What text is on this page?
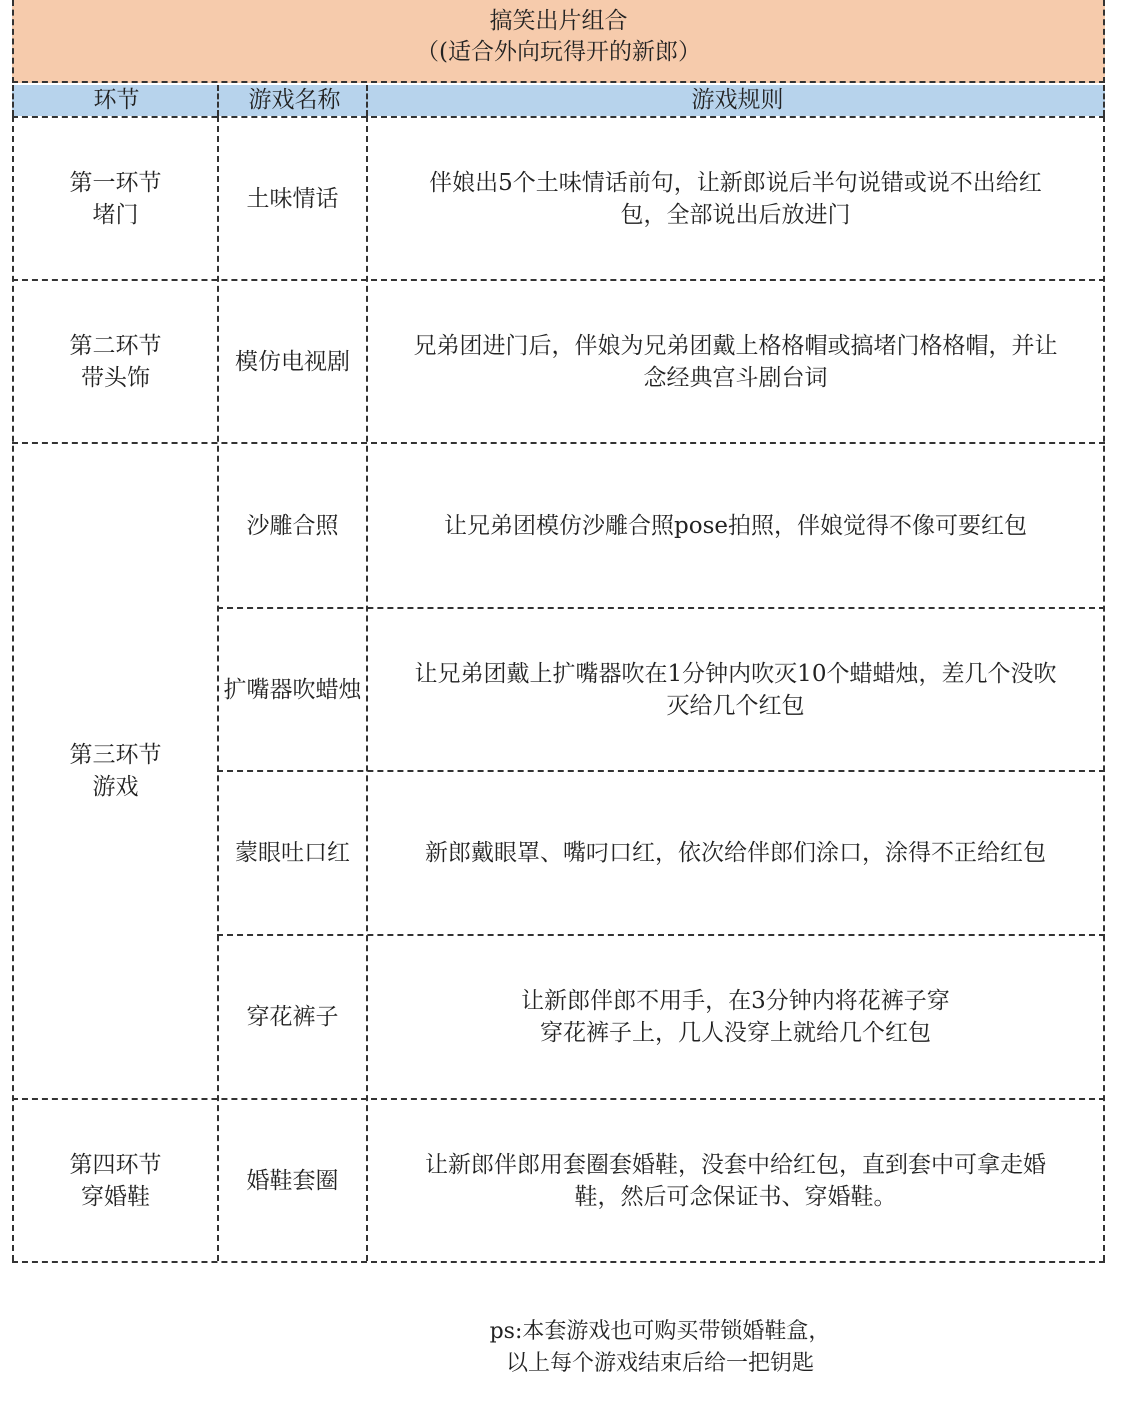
搞笑出片组合
（(适合外向玩得开的新郎）
环节	游戏名称	游戏规则
第一环节
堵门
第二环节
带头饰
第三环节
游戏
第四环节
穿婚鞋
土味情话
模仿电视剧
沙雕合照
扩嘴器吹蜡烛
蒙眼吐口红
穿花裤子
婚鞋套圈
伴娘出5个土味情话前句，让新郎说后半句说错或说不出给红
包，全部说出后放进门
兄弟团进门后，伴娘为兄弟团戴上格格帽或搞堵门格格帽，并让
念经典宫斗剧台词
让兄弟团模仿沙雕合照pose拍照，伴娘觉得不像可要红包
让兄弟团戴上扩嘴器吹在1分钟内吹灭10个蜡蜡烛，差几个没吹
灭给几个红包
新郎戴眼罩、嘴叼口红，依次给伴郎们涂口，涂得不正给红包
让新郎伴郎不用手，在3分钟内将花裤子穿
穿花裤子上，几人没穿上就给几个红包
让新郎伴郎用套圈套婚鞋，没套中给红包，直到套中可拿走婚
鞋，然后可念保证书、穿婚鞋。
ps:本套游戏也可购买带锁婚鞋盒，
以上每个游戏结束后给一把钥匙
